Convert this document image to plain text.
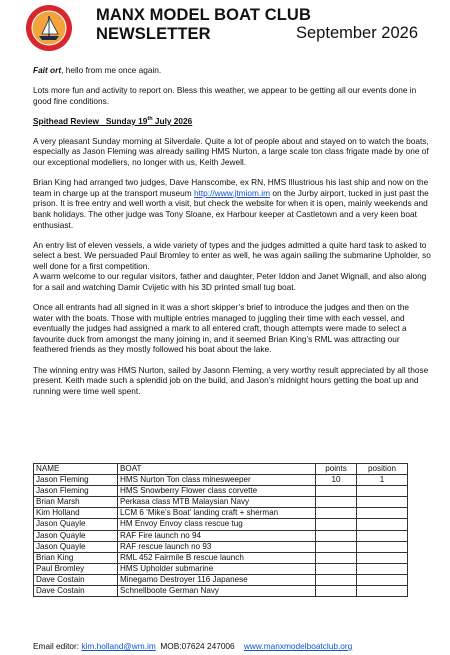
MANX MODEL BOAT CLUB
NEWSLETTER	September 2026

Fait ort, hello from me once again.

Lots more fun and activity to report on. Bless this weather, we appear to be getting all our events done in good fine conditions.

Spithead Review Sunday 19th July 2026

A very pleasant Sunday morning at Silverdale. Quite a lot of people about and stayed on to watch the boats, especially as Jason Fleming was already sailing HMS Nurton, a large scale ton class frigate made by one of our exceptional modellers, no longer with us, Keith Jewell.

Brian King had arranged two judges, Dave Hanscombe, ex RN, HMS Illustrious his last ship and now on the team in charge up at the transport museum http://www.jtmiom.im on the Jurby airport, tucked in just past the prison. It is free entry and well worth a visit, but check the website for when it is open, mainly weekends and bank holidays. The other judge was Tony Sloane, ex Harbour keeper at Castletown and a very keen boat enthusiast.

An entry list of eleven vessels, a wide variety of types and the judges admitted a quite hard task to asked to select a best. We persuaded Paul Bromley to enter as well, he was again sailing the submarine Upholder, so well done for a first competition.

A warm welcome to our regular visitors, father and daughter, Peter Iddon and Janet Wignall, and also along for a sail and watching Damir Cvijetic with his 3D printed small tug boat.

Once all entrants had all signed in it was a short skipper’s brief to introduce the judges and then on the water with the boats. Those with multiple entries managed to juggling their time with each vessel, and eventually the judges had assigned a mark to all entered craft, though attempts were made to select a favourite duck from amongst the many joining in, and it seemed Brian King’s RML was attracting our feathered friends as they mostly followed his boat about the lake.

The winning entry was HMS Nurton, sailed by Jasonn Fleming, a very worthy result appreciated by all those present. Keith made such a splendid job on the build, and Jason’s midnight hours getting the boat up and running were time well spent.

NAME	BOAT	points	position
Jason Fleming	HMS Nurton Ton class minesweeper	10	1
Jason Fleming	HMS Snowberry Flower class corvette		
Brian Marsh	Perkasa class MTB Malaysian Navy		
Kim Holland	LCM 6 ‘Mike’s Boat’ landing craft + sherman		
Jason Quayle	HM Envoy Envoy class rescue tug		
Jason Quayle	RAF Fire launch no 94		
Jason Quayle	RAF rescue launch no 93		
Brian King	RML 452 Fairmile B rescue launch		
Paul Bromley	HMS Upholder submarine		
Dave Costain	Minegamo Destroyer 116 Japanese		
Dave Costain	Schnellboote German Navy		
Email editor: kim.holland@wm.im  MOB:07624 247006    www.manxmodelboatclub.org
